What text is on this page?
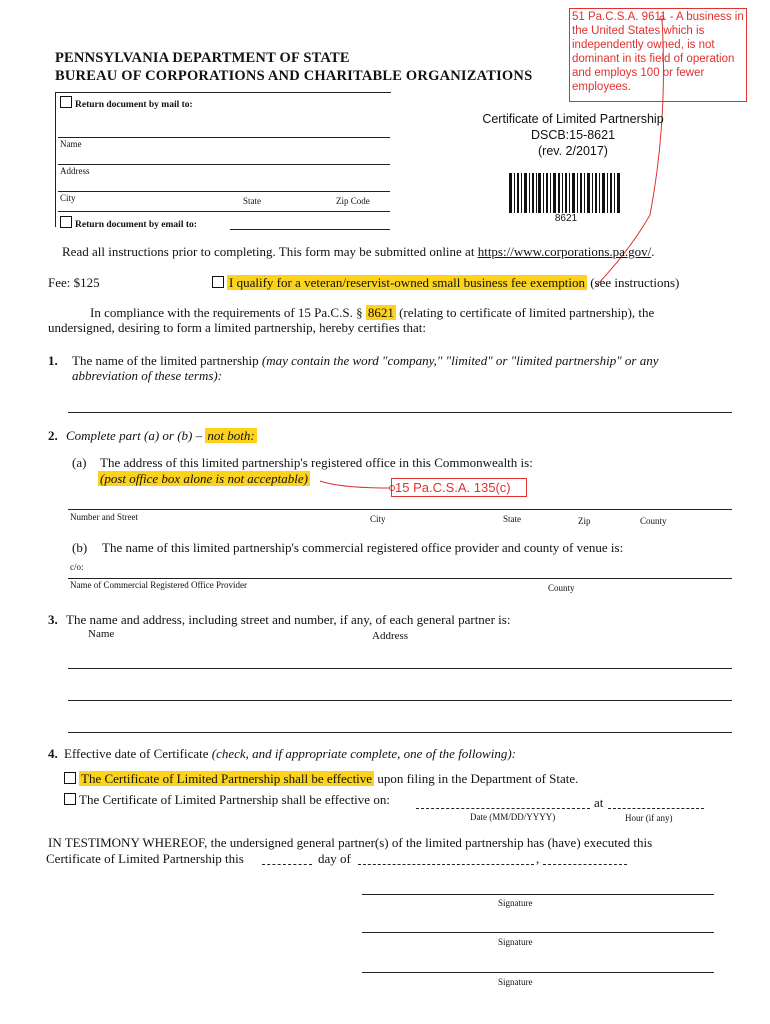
51 Pa.C.S.A. 9611 - A business in the United States which is independently owned, is not dominant in its field of operation and employs 100 or fewer employees.
15 Pa.C.S.A. 135(c)
PENNSYLVANIA DEPARTMENT OF STATE
BUREAU OF CORPORATIONS AND CHARITABLE ORGANIZATIONS
Return document by mail to:
Name
Address
City	State	Zip Code
Return document by email to:
Certificate of Limited Partnership
DSCB:15-8621
(rev. 2/2017)
8621
Read all instructions prior to completing. This form may be submitted online at https://www.corporations.pa.gov/.
Fee: $125	I qualify for a veteran/reservist-owned small business fee exemption (see instructions)
In compliance with the requirements of 15 Pa.C.S. § 8621 (relating to certificate of limited partnership), the
undersigned, desiring to form a limited partnership, hereby certifies that:
1. The name of the limited partnership (may contain the word "company," "limited" or "limited partnership" or any
abbreviation of these terms):
2. Complete part (a) or (b) – not both:
(a) The address of this limited partnership's registered office in this Commonwealth is:
(post office box alone is not acceptable)
Number and Street	City	State	Zip	County
(b) The name of this limited partnership's commercial registered office provider and county of venue is:
c/o:
Name of Commercial Registered Office Provider	County
3. The name and address, including street and number, if any, of each general partner is:
Name	Address
4. Effective date of Certificate (check, and if appropriate complete, one of the following):
The Certificate of Limited Partnership shall be effective upon filing in the Department of State.
The Certificate of Limited Partnership shall be effective on:	at
Date (MM/DD/YYYY)	Hour (if any)
IN TESTIMONY WHEREOF, the undersigned general partner(s) of the limited partnership has (have) executed this
Certificate of Limited Partnership this	day of	,
Signature
Signature
Signature
